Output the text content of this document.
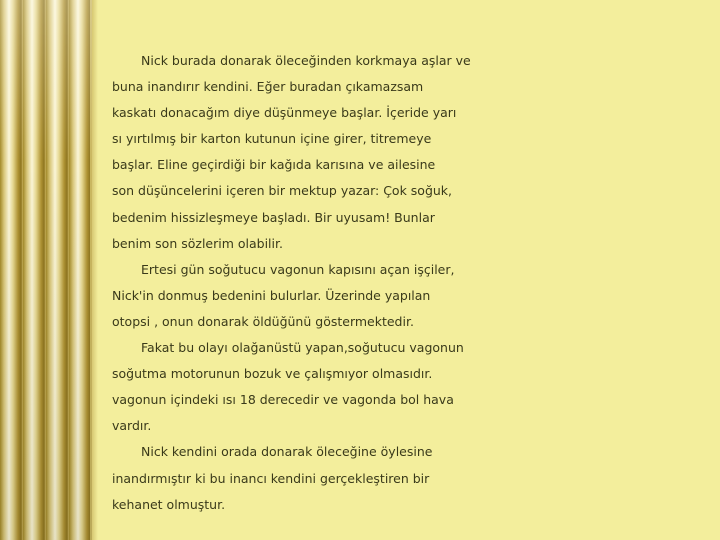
Nick burada donarak öleceğinden korkmaya aşlar ve
buna inandırır kendini. Eğer buradan çıkamazsam
kaskatı donacağım diye düşünmeye başlar. İçeride yarı
sı yırtılmış bir karton kutunun içine girer, titremeye
başlar. Eline geçirdiği bir kağıda karısına ve ailesine
son düşüncelerini içeren bir mektup yazar: Çok soğuk,
bedenim hissizleşmeye başladı. Bir uyusam! Bunlar
benim son sözlerim olabilir.
Ertesi gün soğutucu vagonun kapısını açan işçiler,
Nick'in donmuş bedenini bulurlar. Üzerinde yapılan
otopsi , onun donarak öldüğünü göstermektedir.
Fakat bu olayı olağanüstü yapan,soğutucu vagonun
soğutma motorunun bozuk ve çalışmıyor olmasıdır.
vagonun içindeki ısı 18 derecedir ve vagonda bol hava
vardır.
Nick kendini orada donarak öleceğine öylesine
inandırmıştır ki bu inancı kendini gerçekleştiren bir
kehanet olmuştur.
